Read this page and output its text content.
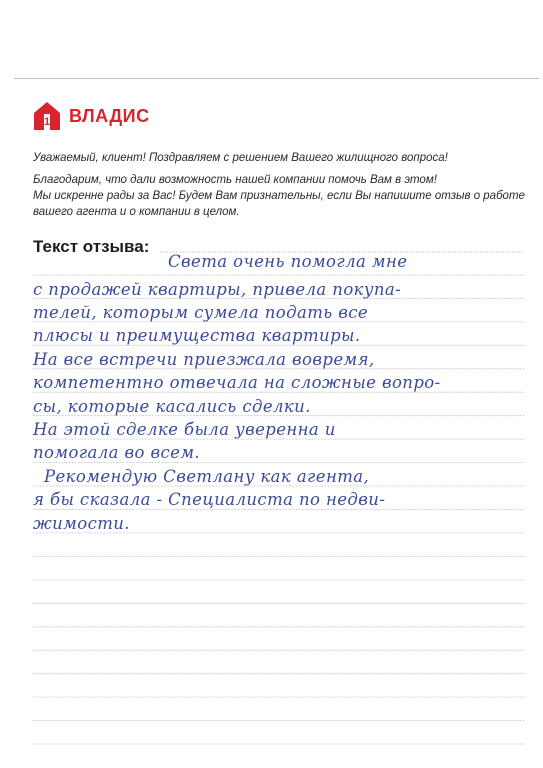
1 ВЛАДИС
Уважаемый, клиент! Поздравляем с решением Вашего жилищного вопроса!
Благодарим, что дали возможность нашей компании помочь Вам в этом!
Мы искренне рады за Вас! Будем Вам признательны, если Вы напишите отзыв о работе
вашего агента и о компании в целом.
Текст отзыва:
Света очень помогла мне
с продажей квартиры, привела покупа-
телей, которым сумела подать все
плюсы и преимущества квартиры.
На все встречи приезжала вовремя,
компетентно отвечала на сложные вопро-
сы, которые касались сделки.
На этой сделке была уверенна и
помогала во всем.
Рекомендую Светлану как агента,
я бы сказала - Специалиста по недви-
жимости.
